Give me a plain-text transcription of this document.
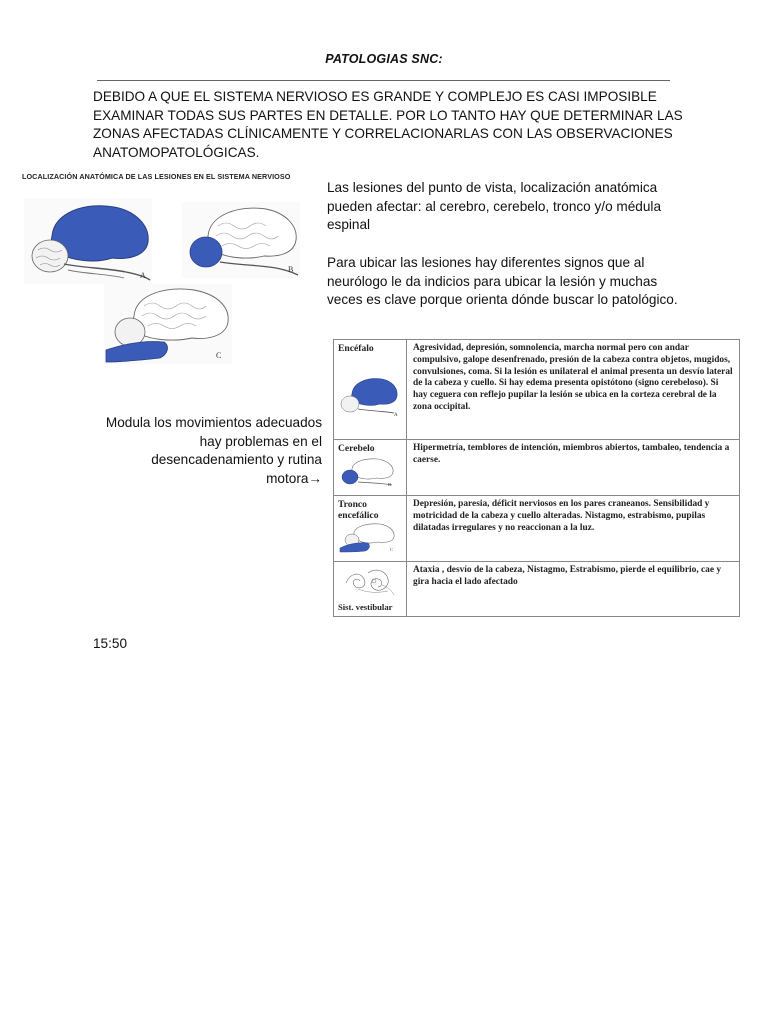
PATOLOGIAS SNC:
DEBIDO A QUE EL SISTEMA NERVIOSO ES GRANDE Y COMPLEJO ES CASI IMPOSIBLE EXAMINAR TODAS SUS PARTES EN DETALLE. POR LO TANTO HAY QUE DETERMINAR LAS ZONAS AFECTADAS CLÍNICAMENTE Y CORRELACIONARLAS CON LAS OBSERVACIONES ANATOMOPATOLÓGICAS.
LOCALIZACIÓN ANATÓMICA DE LAS LESIONES EN EL SISTEMA NERVIOSO
A
B
C
Las lesiones del punto de vista, localización anatómica pueden afectar: al cerebro, cerebelo, tronco y/o médula espinal
Para ubicar las lesiones hay diferentes signos que al neurólogo le da indicios para ubicar la lesión y muchas veces es clave porque orienta dónde buscar lo patológico.
Modula los movimientos adecuados hay problemas en el desencadenamiento y rutina motora→
Encéfalo
A	Agresividad, depresión, somnolencia, marcha normal pero con andar compulsivo, galope desenfrenado, presión de la cabeza contra objetos, mugidos, convulsiones, coma. Si la lesión es unilateral el animal presenta un desvío lateral de la cabeza y cuello. Si hay edema presenta opistótono (signo cerebeloso). Si hay ceguera con reflejo pupilar la lesión se ubica en la corteza cerebral de la zona occipital.

Cerebelo
B	Hipermetría, temblores de intención, miembros abiertos, tambaleo, tendencia a caerse.

Tronco encefálico
C	Depresión, paresia, déficit nerviosos en los pares craneanos. Sensibilidad y motricidad de la cabeza y cuello alteradas. Nistagmo, estrabismo, pupilas dilatadas irregulares y no reaccionan a la luz.

Sist. vestibular	Ataxia , desvío de la cabeza, Nistagmo, Estrabismo, pierde el equilibrio, cae y gira hacia el lado afectado
15:50
